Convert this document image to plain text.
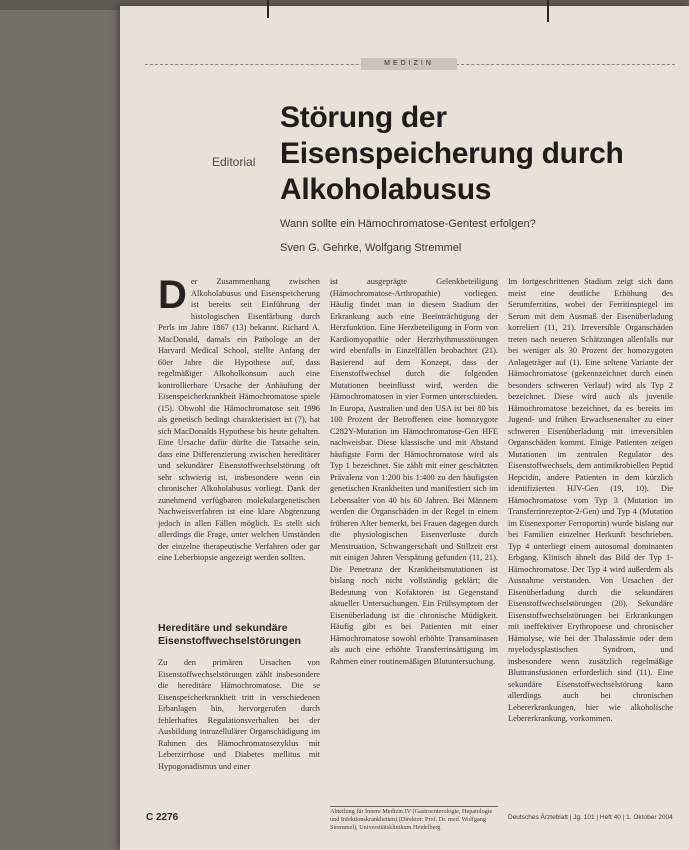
MEDIZIN
Editorial
Störung der Eisenspeicherung durch Alkoholabusus
Wann sollte ein Hämochromatose-Gentest erfolgen?
Sven G. Gehrke, Wolfgang Stremmel
D er Zusammenhang zwischen Alkoholabusus und Eisenspeicherung ist bereits seit Einführung der histologischen Eisenfärbung durch Perls im Jahre 1867 (13) bekannt. Richard A. MacDonald, damals ein Pathologe an der Harvard Medical School, stellte Anfang der 60er Jahre die Hypothese auf, dass regelmäßiger Alkoholkonsum auch eine kontrollierbare Ursache der Anhäufung der Eisenspeicherkrankheit Hämochromatose spiele (15). Obwohl die Hämochromatose seit 1996 als genetisch bedingt charakterisiert ist (7), hat sich MacDonalds Hypothese bis heute gehalten. Eine Ursache dafür dürfte die Tatsache sein, dass eine Differenzierung zwischen hereditärer und sekundärer Eisenstoffwechselstörung oft sehr schwierig ist, insbesondere wenn ein chronischer Alkoholabusus vorliegt. Dank der zunehmend verfügbaren molekulargenetischen Nachweisverfahren ist eine klare Abgrenzung jedoch in allen Fällen möglich. Es stellt sich allerdings die Frage, unter welchen Umständen der einzelne therapeutische Verfahren oder gar eine Leberbiopsie angezeigt werden sollten.

Hereditäre und sekundäre Eisenstoffwechselstörungen

Zu den primären Ursachen von Eisenstoffwechselstörungen zählt insbesondere die hereditäre Hämochromatose. Die se Eisenspeicherkrankheit tritt in verschiedenen Erbanlagen hin, hervorgerufen durch fehlerhaftes Regulationsverhalten bei der Ausbildung intrazellulärer Organschädigung im Rahmen des Hämochromatosezyklus mit Leberzirrhose und Diabetes mellitus mit Hypogonadismus und einer

ist ausgeprägte Gelenkbeteiligung (Hämochromatose-Arthropathie) vorliegen. Häufig findet man in diesem Stadium der Erkrankung auch eine Beeinträchtigung der Herzfunktion. Eine Herzbeteiligung in Form von Kardiomyopathie oder Herzrhythmusstörungen wird ebenfalls in Einzelfällen beobachtet (21). Basierend auf dem Konzept, dass der Eisenstoffwechsel durch die folgenden Mutationen beeinflusst wird, werden die Hämochromatosen in vier Formen unterschieden. In Europa, Australien und den USA ist bei 80 bis 100 Prozent der Betroffenen eine homozygote C282Y-Mutation im Hämochromatose-Gen HFE nachweisbar. Diese klassische und mit Abstand häufigste Form der Hämochromatose wird als Typ 1 bezeichnet. Sie zählt mit einer geschätzten Prävalenz von 1:200 bis 1:400 zu den häufigsten genetischen Krankheiten und manifestiert sich im Lebensalter von 40 bis 60 Jahren. Bei Männern werden die Organschäden in der Regel in einem früheren Alter bemerkt, bei Frauen dagegen durch die physiologischen Eisenverluste durch Menstruation, Schwangerschaft und Stillzeit erst mit einigen Jahren Verspätung gefunden (11, 21). Die Penetranz der Krankheitsmutationen ist bislang noch nicht vollständig geklärt; die Bedeutung von Kofaktoren ist Gegenstand aktueller Untersuchungen. Ein Frühsymptom der Eisenüberladung ist die chronische Müdigkeit. Häufig gibt es bei Patienten mit einer Hämochromatose sowohl erhöhte Transaminasen als auch eine erhöhte Transferrinsättigung im Rahmen einer routinemäßigen Blutuntersuchung.

Im fortgeschrittenen Stadium zeigt sich dann meist eine deutliche Erhöhung des Serumferritins, wobei der Ferritinspiegel im Serum mit dem Ausmaß der Eisenüberladung korreliert (11, 21). Irreversible Organschäden treten nach neueren Schätzungen allenfalls nur bei weniger als 30 Prozent der homozygoten Anlageträger auf (1). Eine seltene Variante der Hämochromatose (gekennzeichnet durch einen besonders schweren Verlauf) wird als Typ 2 bezeichnet. Diese wird auch als juvenile Hämochromatose bezeichnet, da es bereits im Jugend- und frühen Erwachsenenalter zu einer schweren Eisenüberladung mit irreversiblen Organschäden kommt. Einige Patienten zeigen Mutationen im zentralen Regulator des Eisenstoffwechsels, dem antimikrobiellen Peptid Hepcidin, andere Patienten in dem kürzlich identifizierten HJV-Gen (19, 10). Die Hämochromatose vom Typ 3 (Mutation im Transferrinrezeptor-2-Gen) und Typ 4 (Mutation im Eisenexporter Ferroportin) wurde bislang nur bei Familien einzelner Herkunft beschrieben. Typ 4 unterliegt einem autosomal dominanten Erbgang. Klinisch ähnelt das Bild der Typ 1-Hämochromatose. Der Typ 4 wird außerdem als Ausnahme verstanden. Von Ursachen der Eisenüberladung durch die sekundären Eisenstoffwechselstörungen (20). Sekundäre Eisenstoffwechselstörungen bei Erkrankungen mit ineffektiver Erythropoese und chronischer Hämolyse, wie bei der Thalassämie oder dem myelodysplastischen Syndrom, und insbesondere wenn zusätzlich regelmäßige Bluttransfusionen erforderlich sind (11). Eine sekundäre Eisenstoffwechselstörung kann allerdings auch bei chronischen Lebererkrankungen, hier wie alkoholische Lebererkrankung, vorkommen.

Abteilung für Innere Medizin IV (Gastroenterologie, Hepatologie und Infektionskrankheiten) (Direktor: Prof. Dr. med. Wolfgang Stremmel), Universitätsklinikum Heidelberg
C 2276	Deutsches Ärzteblatt | Jg. 101 | Heft 40 | 1. Oktober 2004
